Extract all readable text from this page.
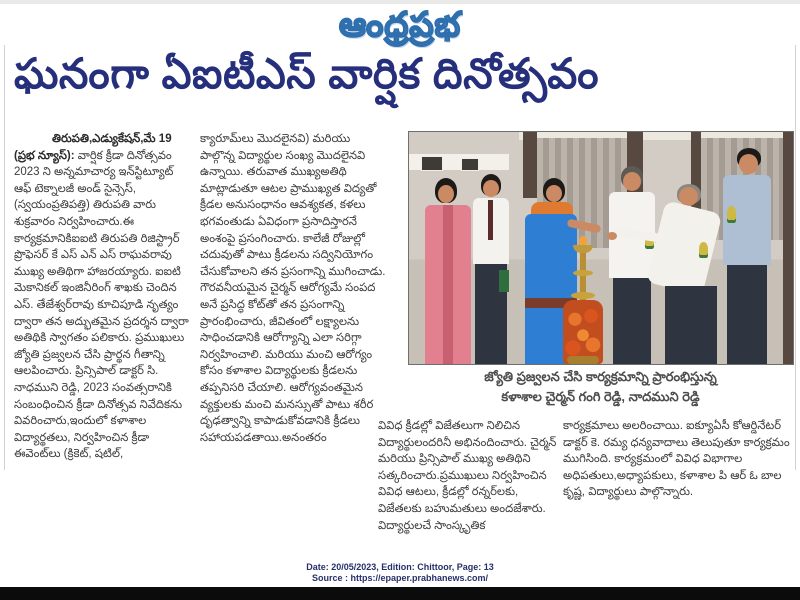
ఆంధ్రప్రభ
ఘనంగా ఏఐటీఎస్ వార్షిక దినోత్సవం

తిరుపతి,ఎడ్యుకేషన్,మే 19 (ప్రభ న్యూస్): వార్షిక క్రీడా దినోత్సవం 2023 ని అన్నమాచార్య ఇన్‌స్టిట్యూట్ ఆఫ్ టెక్నాలజీ అండ్ సైన్సెస్, (స్వయంప్రతిపత్తి) తిరుపతి వారు శుక్రవారం నిర్వహించారు.ఈ కార్యక్రమానికిఐఐటి తిరుపతి రిజిస్ట్రార్ ప్రొఫెసర్ కే ఎస్ ఎన్ ఎస్ రాఘవరావు ముఖ్య అతిథిగా హాజరయ్యారు. ఐఐటి మెకానికల్ ఇంజినీరింగ్ శాఖకు చెందిన ఎస్. తేజేశ్వర్‌రావు కూచిపూడి నృత్యం ద్వారా తన అద్భుతమైన ప్రదర్శన ద్వారా అతిథికి స్వాగతం పలికారు. ప్రముఖులు జ్యోతి ప్రజ్వలన చేసి ప్రార్థన గీతాన్ని ఆలపించారు. ప్రిన్సిపాల్ డాక్టర్ సి. నాధముని రెడ్డి, 2023 సంవత్సరానికి సంబంధించిన క్రీడా దినోత్సవ నివేదికను వివరించారు,ఇందులో కళాశాల విద్యార్థతలు, నిర్వహించిన క్రీడా ఈవెంట్‌లు (క్రికెట్, షటిల్,

క్యారూమ్‌లు మొదలైనవి) మరియు పాల్గొన్న విద్యార్థుల సంఖ్య మొదలైనవి ఉన్నాయి. తరువాత ముఖ్యఅతిథి మాట్లాడుతూ ఆటల ప్రాముఖ్యత విద్యతో క్రీడల అనుసంధానం ఆవశ్యకత, కళలు భగవంతుడు ఏవిధంగా ప్రసాదిస్తారనే అంశంపై ప్రసంగించారు. కాలేజీ రోజుల్లో చదువుతో పాటు క్రీడలను సద్వినియోగం చేసుకోవాలని తన ప్రసంగాన్ని ముగించాడు. గౌరవనీయమైన చైర్మన్ ఆరోగ్యమే సంపద అనే ప్రసిద్ధ కోట్‌తో తన ప్రసంగాన్ని ప్రారంభించారు, జీవితంలో లక్ష్యాలను సాధించడానికి ఆరోగ్యాన్ని ఎలా సరిగ్గా నిర్వహించాలి. మరియు మంచి ఆరోగ్యం కోసం కళాశాల విద్యార్థులకు క్రీడలను తప్పనిసరి చేయాలి. ఆరోగ్యవంతమైన వ్యక్తులకు మంచి మనస్సుతో పాటు శరీర దృఢత్వాన్ని కాపాడుకోవడానికి క్రీడలు సహాయపడతాయి.అనంతరం

జ్యోతి ప్రజ్వలన చేసి కార్యక్రమాన్ని ప్రారంభిస్తున్న
కళాశాల చైర్మన్ గంగి రెడ్డి, నాదముని రెడ్డి

వివిధ క్రీడల్లో విజేతలుగా నిలిచిన విద్యార్థులందరినీ అభినందించారు. చైర్మన్ మరియు ప్రిన్సిపాల్ ముఖ్య అతిథిని సత్కరించారు.ప్రముఖులు నిర్వహించిన వివిధ ఆటలు, క్రీడల్లో రన్నర్‌లకు, విజేతలకు బహుమతులు అందజేశారు. విద్యార్థులచే సాంస్కృతిక

కార్యక్రమాలు అలరించాయి. ఐక్యూఏసీ కోఆర్డినేటర్ డాక్టర్ కె. రమ్య ధన్యవాదాలు తెలుపుతూ కార్యక్రమం ముగిసింది. కార్యక్రమంలో వివిధ విభాగాల అధిపతులు,అధ్యాపకులు, కళాశాల పి ఆర్ ఓ బాల కృష్ణ, విద్యార్థులు పాల్గొన్నారు.

Date: 20/05/2023, Edition: Chittoor, Page: 13
Source : https://epaper.prabhanews.com/
